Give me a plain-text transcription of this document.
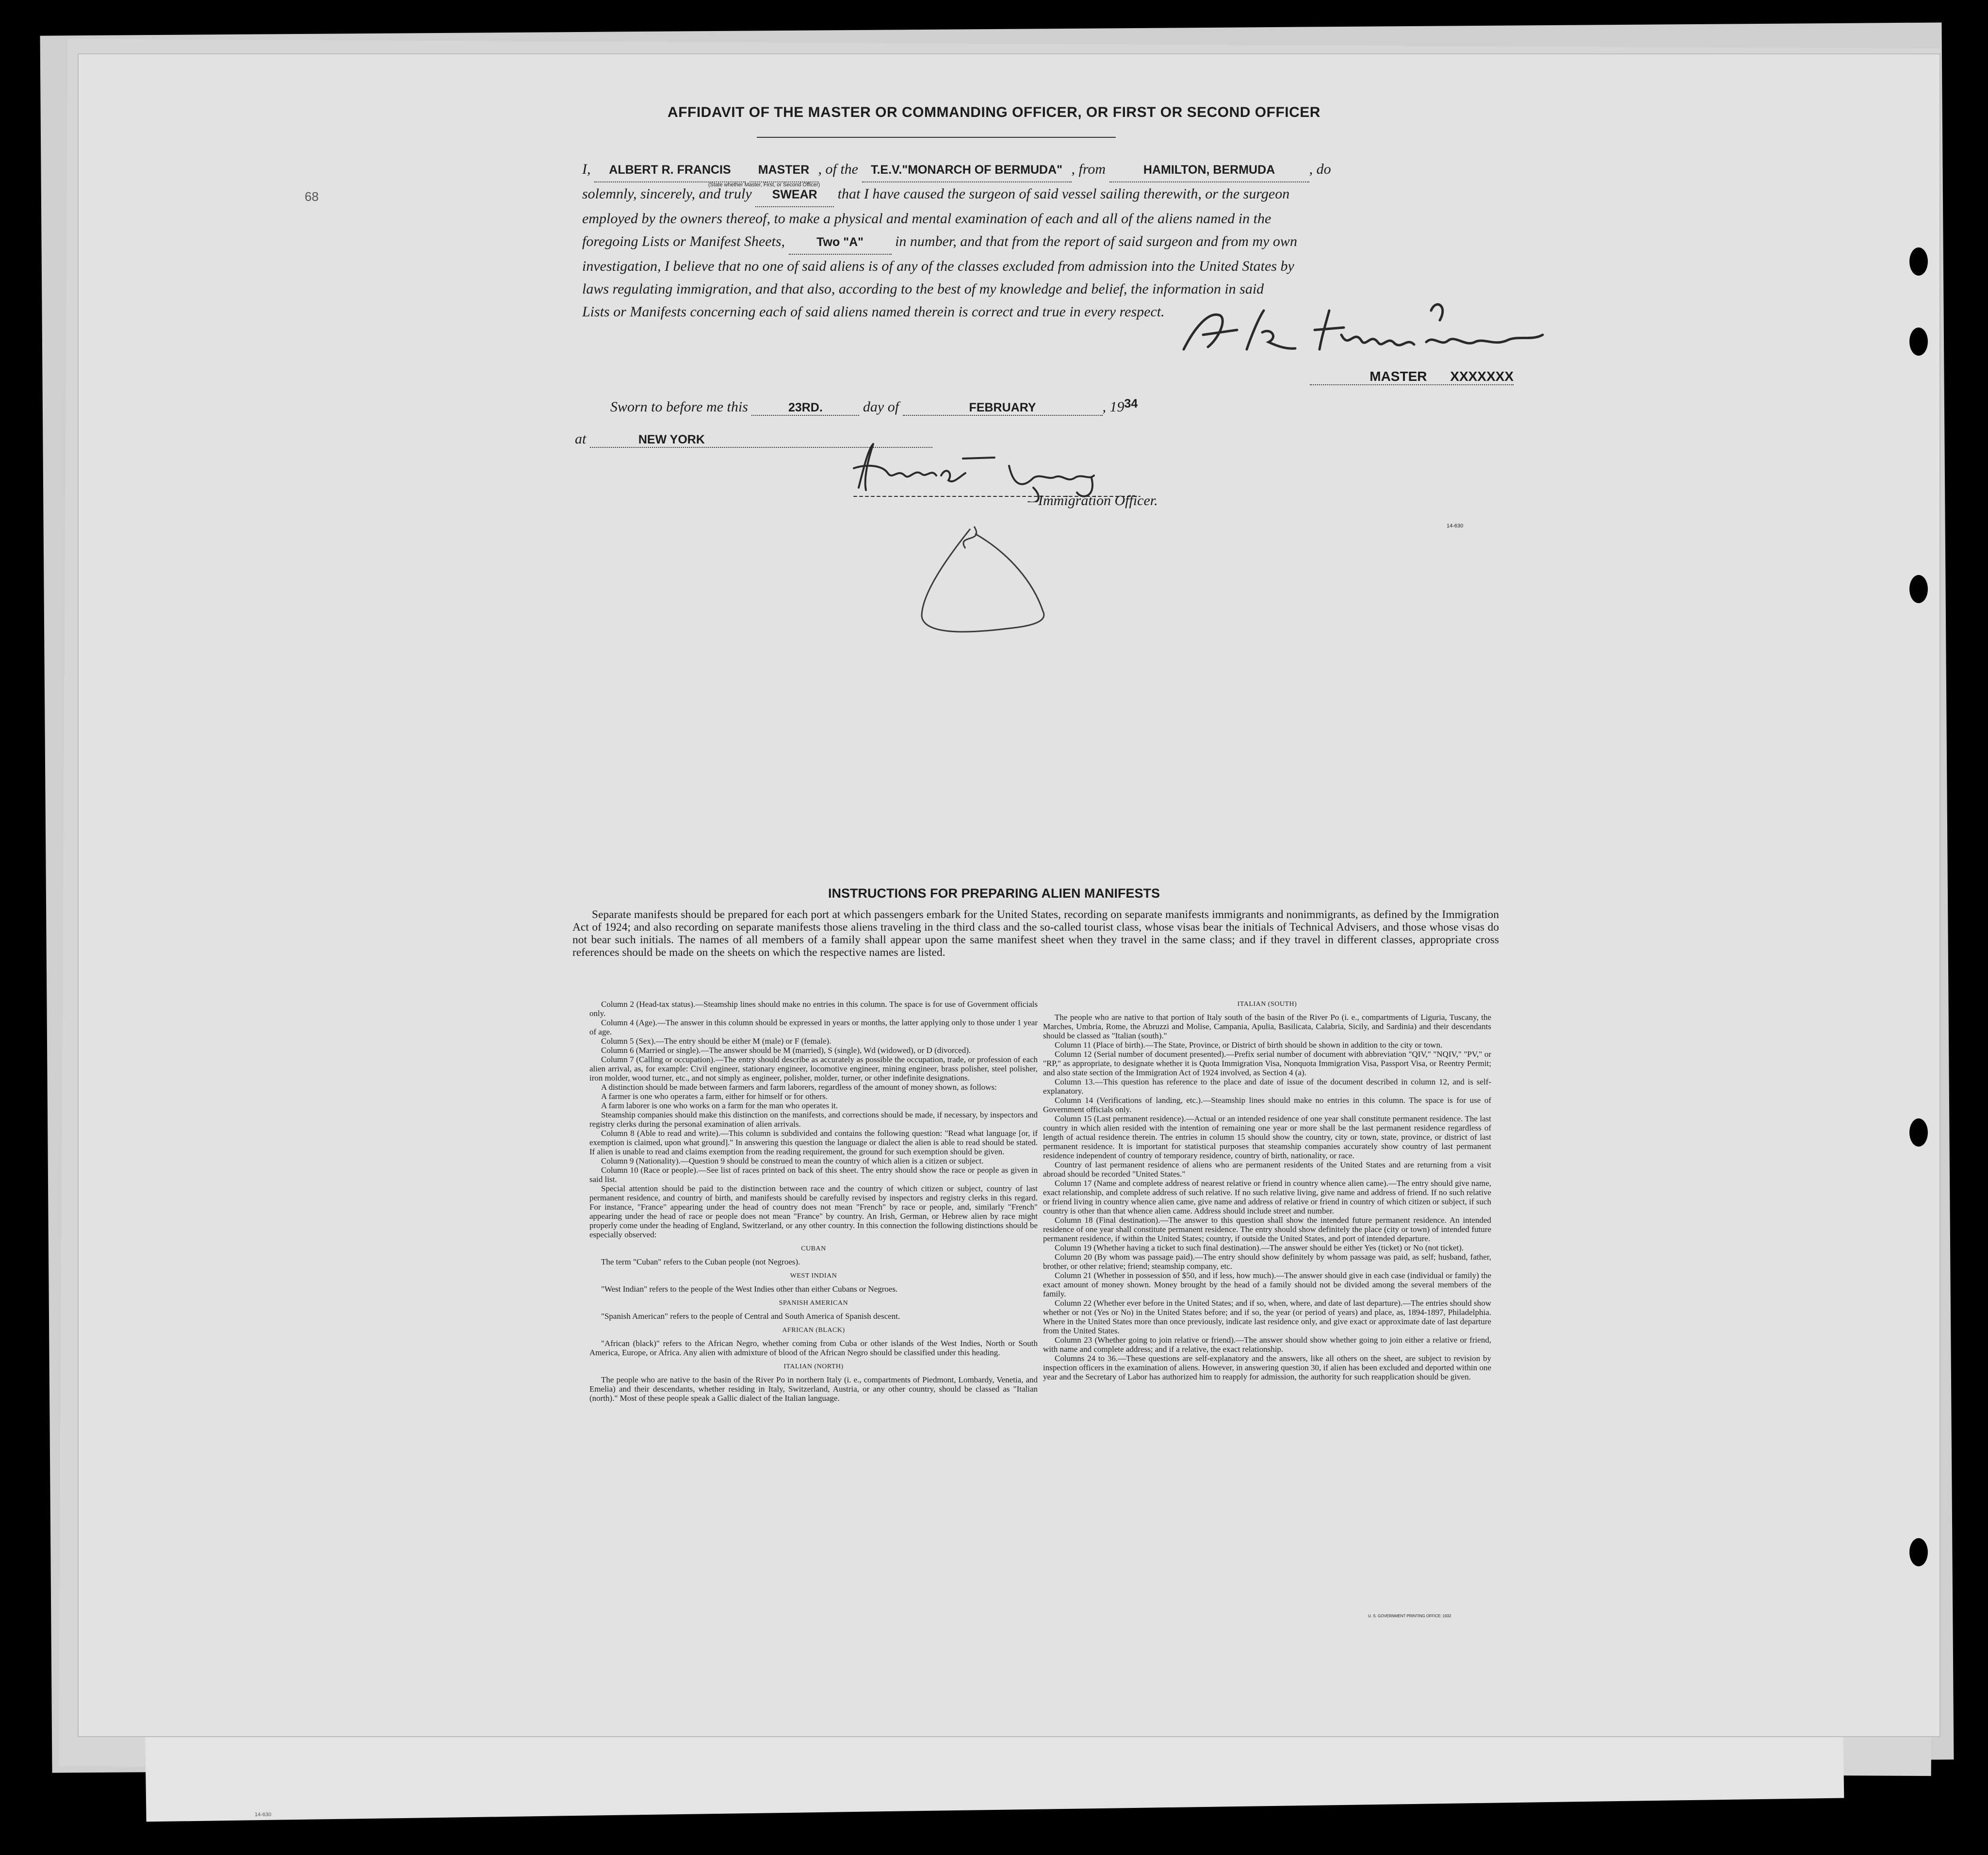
68
AFFIDAVIT OF THE MASTER OR COMMANDING OFFICER, OR FIRST OR SECOND OFFICER
I, ALBERT R. FRANCIS MASTER , of the T.E.V."MONARCH OF BERMUDA" , from	HAMILTON, BERMUDA , do
(State whether Master, First, or Second Officer)
solemnly, sincerely, and truly SWEAR that I have caused the surgeon of said vessel sailing therewith, or the surgeon
employed by the owners thereof, to make a physical and mental examination of each and all of the aliens named in the
foregoing Lists or Manifest Sheets,	Two "A" in number, and that from the report of said surgeon and from my own
investigation, I believe that no one of said aliens is of any of the classes excluded from admission into the United States by
laws regulating immigration, and that also, according to the best of my knowledge and belief, the information in said
Lists or Manifests concerning each of said aliens named therein is correct and true in every respect.
MASTER XXXXXXX
Sworn to before me this	23RD.	day of	FEBRUARY	, 1934
at	NEW YORK
Immigration Officer.
14-630
INSTRUCTIONS FOR PREPARING ALIEN MANIFESTS

Separate manifests should be prepared for each port at which passengers embark for the United States, recording on separate manifests immigrants and nonimmigrants, as defined by the Immigration Act of 1924; and also recording on separate manifests those aliens traveling in the third class and the so-called tourist class, whose visas bear the initials of Technical Advisers, and those whose visas do not bear such initials. The names of all members of a family shall appear upon the same manifest sheet when they travel in the same class; and if they travel in different classes, appropriate cross references should be made on the sheets on which the respective names are listed.

Column 2 (Head-tax status).—Steamship lines should make no entries in this column. The space is for use of Government officials only.

Column 4 (Age).—The answer in this column should be expressed in years or months, the latter applying only to those under 1 year of age.

Column 5 (Sex).—The entry should be either M (male) or F (female).

Column 6 (Married or single).—The answer should be M (married), S (single), Wd (widowed), or D (divorced).

Column 7 (Calling or occupation).—The entry should describe as accurately as possible the occupation, trade, or profession of each alien arrival, as, for example: Civil engineer, stationary engineer, locomotive engineer, mining engineer, brass polisher, steel polisher, iron molder, wood turner, etc., and not simply as engineer, polisher, molder, turner, or other indefinite designations.

A distinction should be made between farmers and farm laborers, regardless of the amount of money shown, as follows:

A farmer is one who operates a farm, either for himself or for others.

A farm laborer is one who works on a farm for the man who operates it.

Steamship companies should make this distinction on the manifests, and corrections should be made, if necessary, by inspectors and registry clerks during the personal examination of alien arrivals.

Column 8 (Able to read and write).—This column is subdivided and contains the following question: "Read what language [or, if exemption is claimed, upon what ground]." In answering this question the language or dialect the alien is able to read should be stated. If alien is unable to read and claims exemption from the reading requirement, the ground for such exemption should be given.

Column 9 (Nationality).—Question 9 should be construed to mean the country of which alien is a citizen or subject.

Column 10 (Race or people).—See list of races printed on back of this sheet. The entry should show the race or people as given in said list.

Special attention should be paid to the distinction between race and the country of which citizen or subject, country of last permanent residence, and country of birth, and manifests should be carefully revised by inspectors and registry clerks in this regard. For instance, "France" appearing under the head of country does not mean "French" by race or people, and, similarly "French" appearing under the head of race or people does not mean "France" by country. An Irish, German, or Hebrew alien by race might properly come under the heading of England, Switzerland, or any other country. In this connection the following distinctions should be especially observed:

CUBAN

The term "Cuban" refers to the Cuban people (not Negroes).

WEST INDIAN

"West Indian" refers to the people of the West Indies other than either Cubans or Negroes.

SPANISH AMERICAN

"Spanish American" refers to the people of Central and South America of Spanish descent.

AFRICAN (BLACK)

"African (black)" refers to the African Negro, whether coming from Cuba or other islands of the West Indies, North or South America, Europe, or Africa. Any alien with admixture of blood of the African Negro should be classified under this heading.

ITALIAN (NORTH)

The people who are native to the basin of the River Po in northern Italy (i. e., compartments of Piedmont, Lombardy, Venetia, and Emelia) and their descendants, whether residing in Italy, Switzerland, Austria, or any other country, should be classed as "Italian (north)." Most of these people speak a Gallic dialect of the Italian language.

ITALIAN (SOUTH)

The people who are native to that portion of Italy south of the basin of the River Po (i. e., compartments of Liguria, Tuscany, the Marches, Umbria, Rome, the Abruzzi and Molise, Campania, Apulia, Basilicata, Calabria, Sicily, and Sardinia) and their descendants should be classed as "Italian (south)."

Column 11 (Place of birth).—The State, Province, or District of birth should be shown in addition to the city or town.

Column 12 (Serial number of document presented).—Prefix serial number of document with abbreviation "QIV," "NQIV," "PV," or "RP," as appropriate, to designate whether it is Quota Immigration Visa, Nonquota Immigration Visa, Passport Visa, or Reentry Permit; and also state section of the Immigration Act of 1924 involved, as Section 4 (a).

Column 13.—This question has reference to the place and date of issue of the document described in column 12, and is self-explanatory.

Column 14 (Verifications of landing, etc.).—Steamship lines should make no entries in this column. The space is for use of Government officials only.

Column 15 (Last permanent residence).—Actual or an intended residence of one year shall constitute permanent residence. The last country in which alien resided with the intention of remaining one year or more shall be the last permanent residence regardless of length of actual residence therein. The entries in column 15 should show the country, city or town, state, province, or district of last permanent residence. It is important for statistical purposes that steamship companies accurately show country of last permanent residence independent of country of temporary residence, country of birth, nationality, or race.

Country of last permanent residence of aliens who are permanent residents of the United States and are returning from a visit abroad should be recorded "United States."

Column 17 (Name and complete address of nearest relative or friend in country whence alien came).—The entry should give name, exact relationship, and complete address of such relative. If no such relative living, give name and address of friend. If no such relative or friend living in country whence alien came, give name and address of relative or friend in country of which citizen or subject, if such country is other than that whence alien came. Address should include street and number.

Column 18 (Final destination).—The answer to this question shall show the intended future permanent residence. An intended residence of one year shall constitute permanent residence. The entry should show definitely the place (city or town) of intended future permanent residence, if within the United States; country, if outside the United States, and port of intended departure.

Column 19 (Whether having a ticket to such final destination).—The answer should be either Yes (ticket) or No (not ticket).

Column 20 (By whom was passage paid).—The entry should show definitely by whom passage was paid, as self; husband, father, brother, or other relative; friend; steamship company, etc.

Column 21 (Whether in possession of $50, and if less, how much).—The answer should give in each case (individual or family) the exact amount of money shown. Money brought by the head of a family should not be divided among the several members of the family.

Column 22 (Whether ever before in the United States; and if so, when, where, and date of last departure).—The entries should show whether or not (Yes or No) in the United States before; and if so, the year (or period of years) and place, as, 1894-1897, Philadelphia. Where in the United States more than once previously, indicate last residence only, and give exact or approximate date of last departure from the United States.

Column 23 (Whether going to join relative or friend).—The answer should show whether going to join either a relative or friend, with name and complete address; and if a relative, the exact relationship.

Columns 24 to 36.—These questions are self-explanatory and the answers, like all others on the sheet, are subject to revision by inspection officers in the examination of aliens. However, in answering question 30, if alien has been excluded and deported within one year and the Secretary of Labor has authorized him to reapply for admission, the authority for such reapplication should be given.

U. S. GOVERNMENT PRINTING OFFICE: 1932
14-630
